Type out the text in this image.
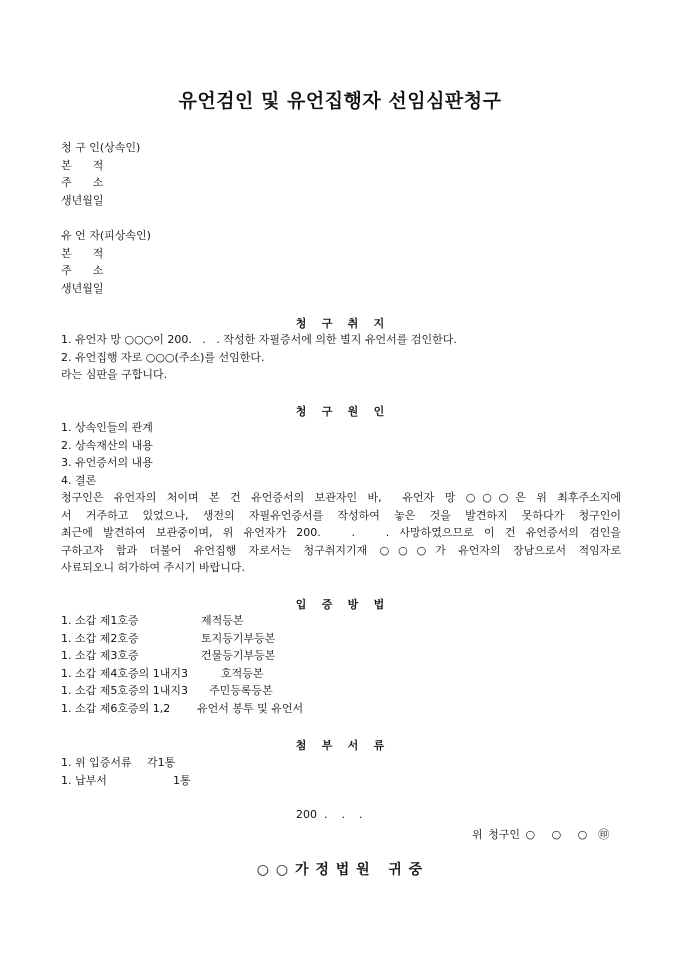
유언검인 및 유언집행자 선임심판청구
청 구 인(상속인)
본      적
주      소
생년월일
유 언 자(피상속인)
본      적
주      소
생년월일
청    구    취    지
1. 유언자 망 ○○○이 200.   .   . 작성한 자필증서에 의한 별지 유언서를 검인한다.
2. 유언집행 자로 ○○○(주소)를 선임한다.
라는 심판을 구합니다.
청    구    원    인
1. 상속인들의 관계
2. 상속재산의 내용
3. 유언증서의 내용
4. 결론
청구인은 유언자의 처이며 본 건 유언증서의 보관자인 바,  유언자 망 ○○○은 위 최후주소지에
서 거주하고 있었으나, 생전의 자필유언증서를 작성하여 놓은 것을 발견하지 못하다가 청구인이
최근에 발견하여 보관중이며, 위 유언자가 200.   .   . 사망하였으므로 이 건 유언증서의 검인을
구하고자 함과 더불어 유언집행 자로서는 청구취지기재 ○○○가 유언자의 장남으로서 적임자로
사료되오니 허가하여 주시기 바랍니다.
입    증    방    법
1. 소갑 제1호증	제적등본
1. 소갑 제2호증	토지등기부등본
1. 소갑 제3호증	건물등기부등본
1. 소갑 제4호증의 1내지3	호적등본
1. 소갑 제5호증의 1내지3 주민등록등본
1. 소갑 제6호증의 1,2 유언서 봉투 및 유언서
첨    부    서    류
1. 위 입증서류 각1통
1. 납부서	1통
200  .    .    .
위 청구인 ○   ○   ○  ㊞
○ ○ 가 정 법 원   귀 중
